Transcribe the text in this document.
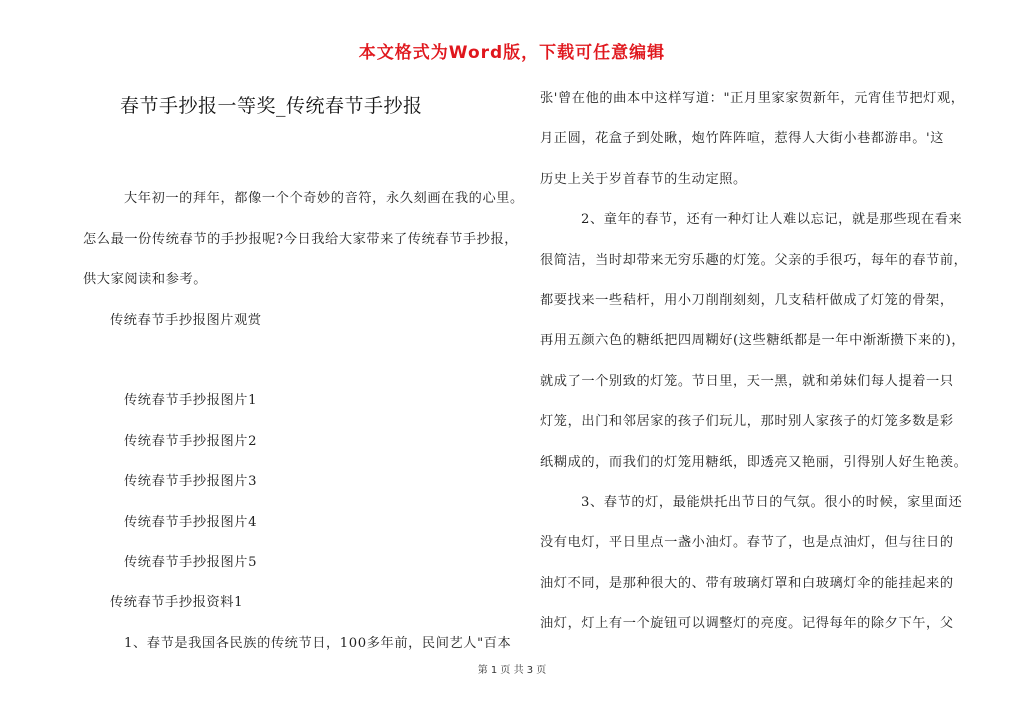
本文格式为Word版，下载可任意编辑
春节手抄报一等奖_传统春节手抄报
大年初一的拜年，都像一个个奇妙的音符，永久刻画在我的心里。
怎么最一份传统春节的手抄报呢?今日我给大家带来了传统春节手抄报，
供大家阅读和参考。
传统春节手抄报图片观赏
传统春节手抄报图片1
传统春节手抄报图片2
传统春节手抄报图片3
传统春节手抄报图片4
传统春节手抄报图片5
传统春节手抄报资料1
1、春节是我国各民族的传统节日，100多年前，民间艺人"百本
张'曾在他的曲本中这样写道："正月里家家贺新年，元宵佳节把灯观，
月正圆，花盒子到处瞅，炮竹阵阵喧，惹得人大街小巷都游串。'这
历史上关于岁首春节的生动定照。
2、童年的春节，还有一种灯让人难以忘记，就是那些现在看来
很简洁，当时却带来无穷乐趣的灯笼。父亲的手很巧，每年的春节前，
都要找来一些秸杆，用小刀削削刻刻，几支秸杆做成了灯笼的骨架，
再用五颜六色的糖纸把四周糊好(这些糖纸都是一年中渐渐攒下来的)，
就成了一个别致的灯笼。节日里，天一黑，就和弟妹们每人提着一只
灯笼，出门和邻居家的孩子们玩儿，那时别人家孩子的灯笼多数是彩
纸糊成的，而我们的灯笼用糖纸，即透亮又艳丽，引得别人好生艳羡。
3、春节的灯，最能烘托出节日的气氛。很小的时候，家里面还
没有电灯，平日里点一盏小油灯。春节了，也是点油灯，但与往日的
油灯不同，是那种很大的、带有玻璃灯罩和白玻璃灯伞的能挂起来的
油灯，灯上有一个旋钮可以调整灯的亮度。记得每年的除夕下午，父
第 1 页 共 3 页
